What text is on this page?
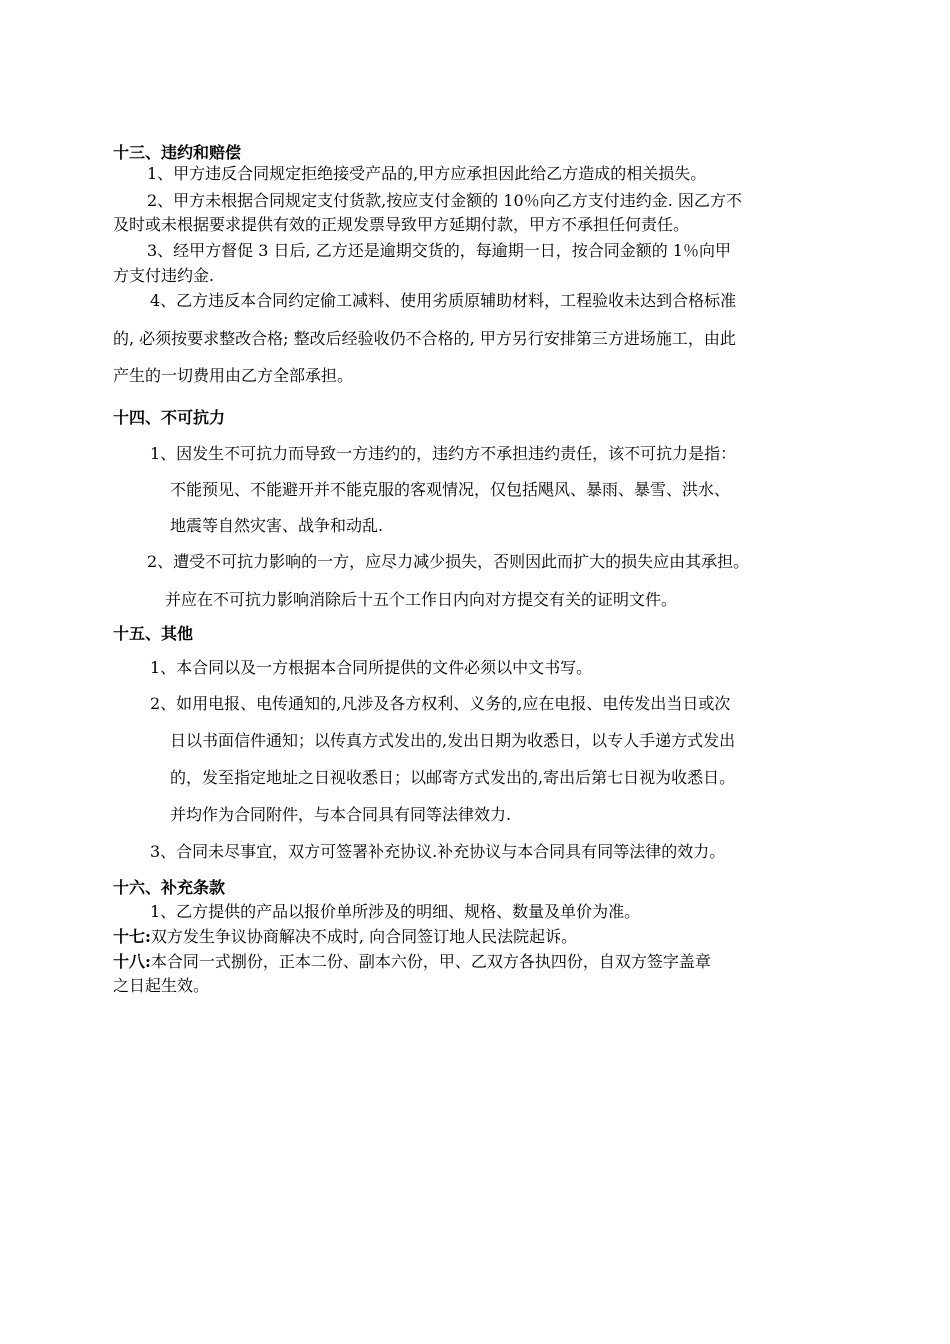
十三、违约和赔偿
1、甲方违反合同规定拒绝接受产品的,甲方应承担因此给乙方造成的相关损失。
2、甲方未根据合同规定支付货款,按应支付金额的 10％向乙方支付违约金. 因乙方不
及时或未根据要求提供有效的正规发票导致甲方延期付款，甲方不承担任何责任。
3、经甲方督促 3 日后, 乙方还是逾期交货的，每逾期一日，按合同金额的 1％向甲
方支付违约金.
4、乙方违反本合同约定偷工减料、使用劣质原辅助材料，工程验收未达到合格标准
的, 必须按要求整改合格; 整改后经验收仍不合格的, 甲方另行安排第三方进场施工，由此
产生的一切费用由乙方全部承担。
十四、不可抗力
1、因发生不可抗力而导致一方违约的，违约方不承担违约责任，该不可抗力是指：
不能预见、不能避开并不能克服的客观情况，仅包括飓风、暴雨、暴雪、洪水、
地震等自然灾害、战争和动乱.
2、遭受不可抗力影响的一方，应尽力减少损失，否则因此而扩大的损失应由其承担。
并应在不可抗力影响消除后十五个工作日内向对方提交有关的证明文件。
十五、其他
1、本合同以及一方根据本合同所提供的文件必须以中文书写。
2、如用电报、电传通知的,凡涉及各方权利、义务的,应在电报、电传发出当日或次
日以书面信件通知；以传真方式发出的,发出日期为收悉日，以专人手递方式发出
的，发至指定地址之日视收悉日；以邮寄方式发出的,寄出后第七日视为收悉日。
并均作为合同附件，与本合同具有同等法律效力.
3、合同未尽事宜，双方可签署补充协议.补充协议与本合同具有同等法律的效力。
十六、补充条款
1、乙方提供的产品以报价单所涉及的明细、规格、数量及单价为准。
十七:双方发生争议协商解决不成时, 向合同签订地人民法院起诉。
十八:本合同一式捌份，正本二份、副本六份，甲、乙双方各执四份，自双方签字盖章
之日起生效。
